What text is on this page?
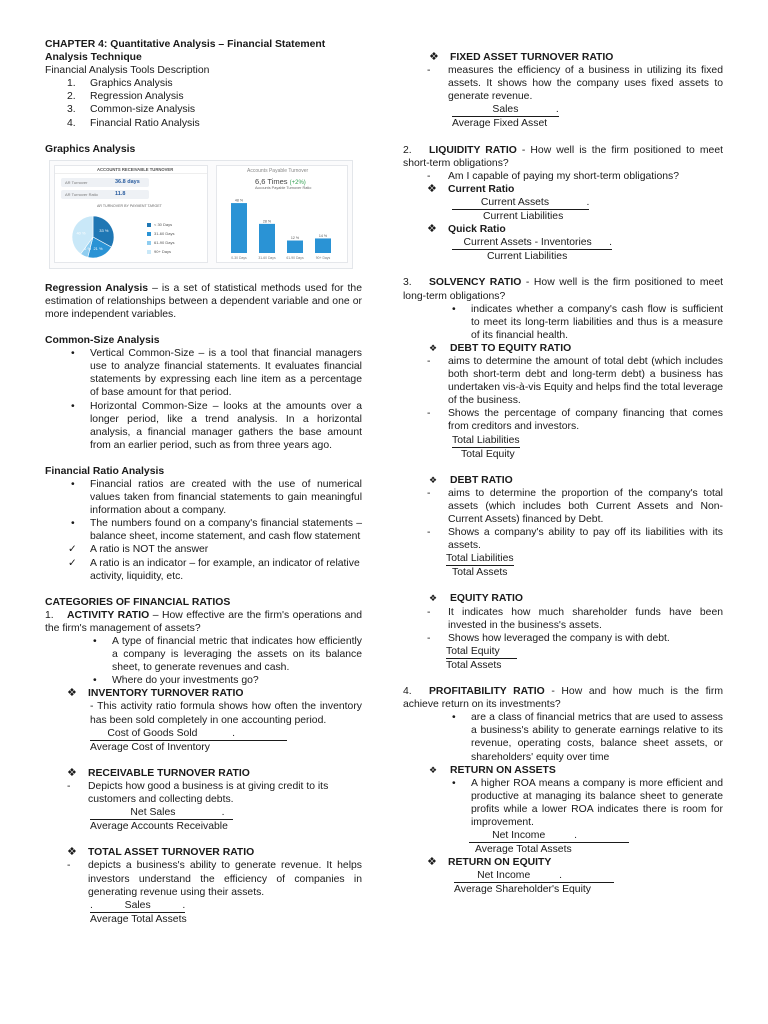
CHAPTER 4: Quantitative Analysis – Financial Statement Analysis Technique

Financial Analysis Tools Description

1.	Graphics Analysis
2.	Regression Analysis
3.	Common-size Analysis
4.	Financial Ratio Analysis

Graphics Analysis

ACCOUNTS RECEIVABLE TURNOVER
AR Turnover	36.8 days
AR Turnover Ratio	11.8
AR TURNOVER BY PAYMENT TARGET
33 %
21 %
6 %
40 %
< 30 Days
31-60 Days
61-90 Days
90+ Days
Accounts Payable Turnover
6,6 Times (+2%)
Accounts Payable Turnover Ratio
48 %
0-30 Days
28 %
31-60 Days
12 %
61-90 Days
14 %
90+ Days

Regression Analysis – is a set of statistical methods used for the estimation of relationships between a dependent variable and one or more independent variables.

Common-Size Analysis

•	Vertical Common-Size – is a tool that financial managers use to analyze financial statements. It evaluates financial statements by expressing each line item as a percentage of base amount for that period.
•	Horizontal Common-Size – looks at the amounts over a longer period, like a trend analysis. In a horizontal analysis, a financial manager gathers the base amount from an earlier period, such as from three years ago.

Financial Ratio Analysis

•	Financial ratios are created with the use of numerical values taken from financial statements to gain meaningful information about a company.
•	The numbers found on a company's financial statements –balance sheet, income statement, and cash flow statement
✓	A ratio is NOT the answer
✓	A ratio is an indicator – for example, an indicator of relative activity, liquidity, etc.

CATEGORIES OF FINANCIAL RATIOS

1. ACTIVITY RATIO – How effective are the firm's operations and the firm's management of assets?

•	A type of financial metric that indicates how efficiently a company is leveraging the assets on its balance sheet, to generate revenues and cash.
•	Where do your investments go?
❖	INVENTORY TURNOVER RATIO

- This activity ratio formula shows how often the inventory has been sold completely in one accounting period.

Cost of Goods Sold            .
Average Cost of Inventory
❖	RECEIVABLE TURNOVER RATIO
-	Depicts how good a business is at giving credit to its customers and collecting debts.
Net Sales                .
Average Accounts Receivable
❖	TOTAL ASSET TURNOVER RATIO
-	depicts a business's ability to generate revenue. It helps investors understand the efficiency of companies in generating revenue using their assets.
.           Sales           .
Average Total Assets
❖	FIXED ASSET TURNOVER RATIO
-	measures the efficiency of a business in utilizing its fixed assets. It shows how the company uses fixed assets to generate revenue.
Sales             .
Average Fixed Asset

2. LIQUIDITY RATIO - How well is the firm positioned to meet short-term obligations?

-	Am I capable of paying my short-term obligations?
❖	Current Ratio
Current Assets             .
Current Liabilities
❖	Quick Ratio
Current Assets - Inventories      .
Current Liabilities

3. SOLVENCY RATIO - How well is the firm positioned to meet long-term obligations?

•	indicates whether a company's cash flow is sufficient to meet its long-term liabilities and thus is a measure of its financial health.
❖	DEBT TO EQUITY RATIO
-	aims to determine the amount of total debt (which includes both short-term debt and long-term debt) a business has undertaken vis-à-vis Equity and helps find the total leverage of the business.
-	Shows the percentage of company financing that comes from creditors and investors.
Total Liabilities
Total Equity
❖	DEBT RATIO
-	aims to determine the proportion of the company's total assets (which includes both Current Assets and Non-Current Assets) financed by Debt.
-	Shows a company's ability to pay off its liabilities with its assets.
Total Liabilities
Total Assets
❖	EQUITY RATIO
-	It indicates how much shareholder funds have been invested in the business's assets.
-	Shows how leveraged the company is with debt.
Total Equity
Total Assets

4. PROFITABILITY RATIO - How and how much is the firm achieve return on its investments?

•	are a class of financial metrics that are used to assess a business's ability to generate earnings relative to its revenue, operating costs, balance sheet assets, or shareholders' equity over time
❖	RETURN ON ASSETS
•	A higher ROA means a company is more efficient and productive at managing its balance sheet to generate profits while a lower ROA indicates there is room for improvement.
Net Income          .
Average Total Assets
❖	RETURN ON EQUITY
Net Income          .
Average Shareholder's Equity
